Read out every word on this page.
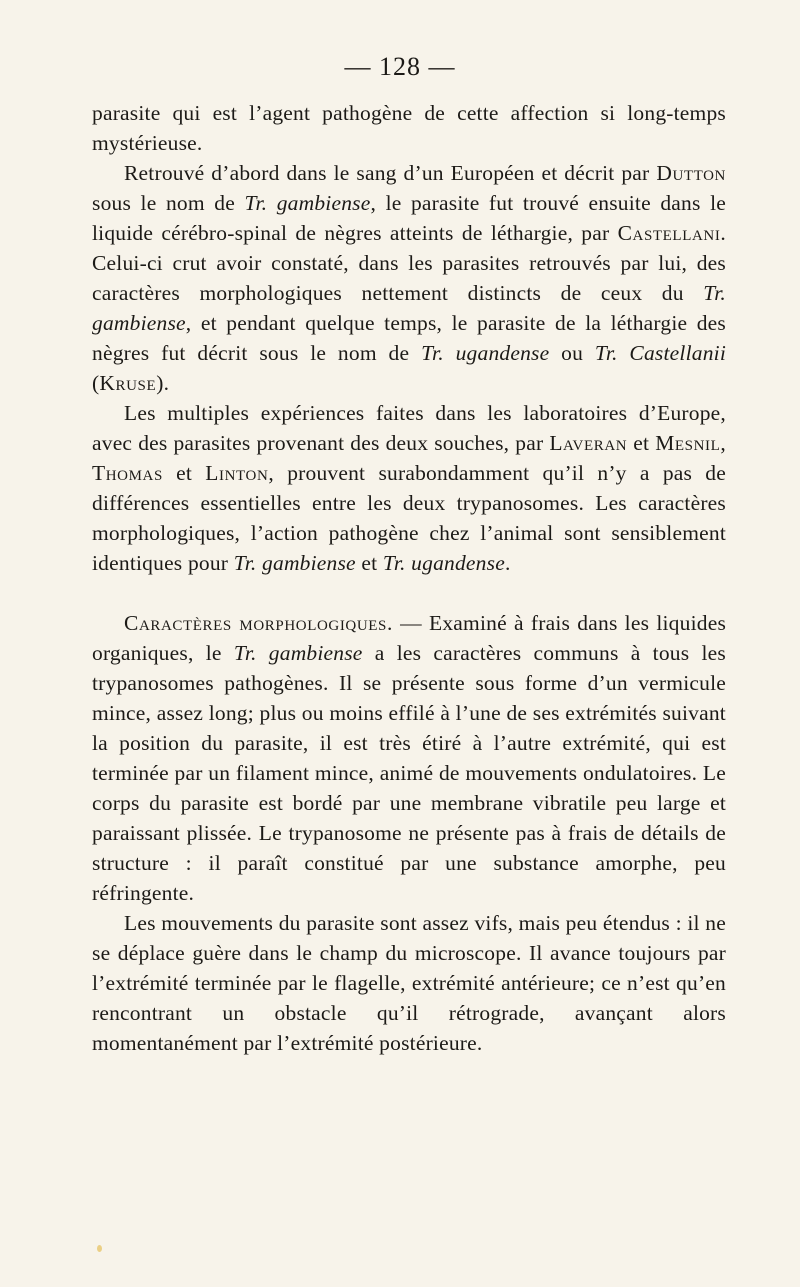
— 128 —

parasite qui est l’agent pathogène de cette affection si long-temps mystérieuse.

Retrouvé d’abord dans le sang d’un Européen et décrit par Dutton sous le nom de Tr. gambiense, le parasite fut trouvé ensuite dans le liquide cérébro-spinal de nègres atteints de léthargie, par Castellani. Celui-ci crut avoir constaté, dans les parasites retrouvés par lui, des caractères morphologiques nettement distincts de ceux du Tr. gambiense, et pendant quelque temps, le parasite de la léthargie des nègres fut décrit sous le nom de Tr. ugandense ou Tr. Castellanii (Kruse).

Les multiples expériences faites dans les laboratoires d’Europe, avec des parasites provenant des deux souches, par Laveran et Mesnil, Thomas et Linton, prouvent surabondamment qu’il n’y a pas de différences essentielles entre les deux trypanosomes. Les caractères morphologiques, l’action pathogène chez l’animal sont sensiblement identiques pour Tr. gambiense et Tr. ugandense.

Caractères morphologiques. — Examiné à frais dans les liquides organiques, le Tr. gambiense a les caractères communs à tous les trypanosomes pathogènes. Il se présente sous forme d’un vermicule mince, assez long; plus ou moins effilé à l’une de ses extrémités suivant la position du parasite, il est très étiré à l’autre extrémité, qui est terminée par un filament mince, animé de mouvements ondulatoires. Le corps du parasite est bordé par une membrane vibratile peu large et paraissant plissée. Le trypanosome ne présente pas à frais de détails de structure : il paraît constitué par une substance amorphe, peu réfringente.

Les mouvements du parasite sont assez vifs, mais peu étendus : il ne se déplace guère dans le champ du microscope. Il avance toujours par l’extrémité terminée par le flagelle, extrémité antérieure; ce n’est qu’en rencontrant un obstacle qu’il rétrograde, avançant alors momentanément par l’extrémité postérieure.
